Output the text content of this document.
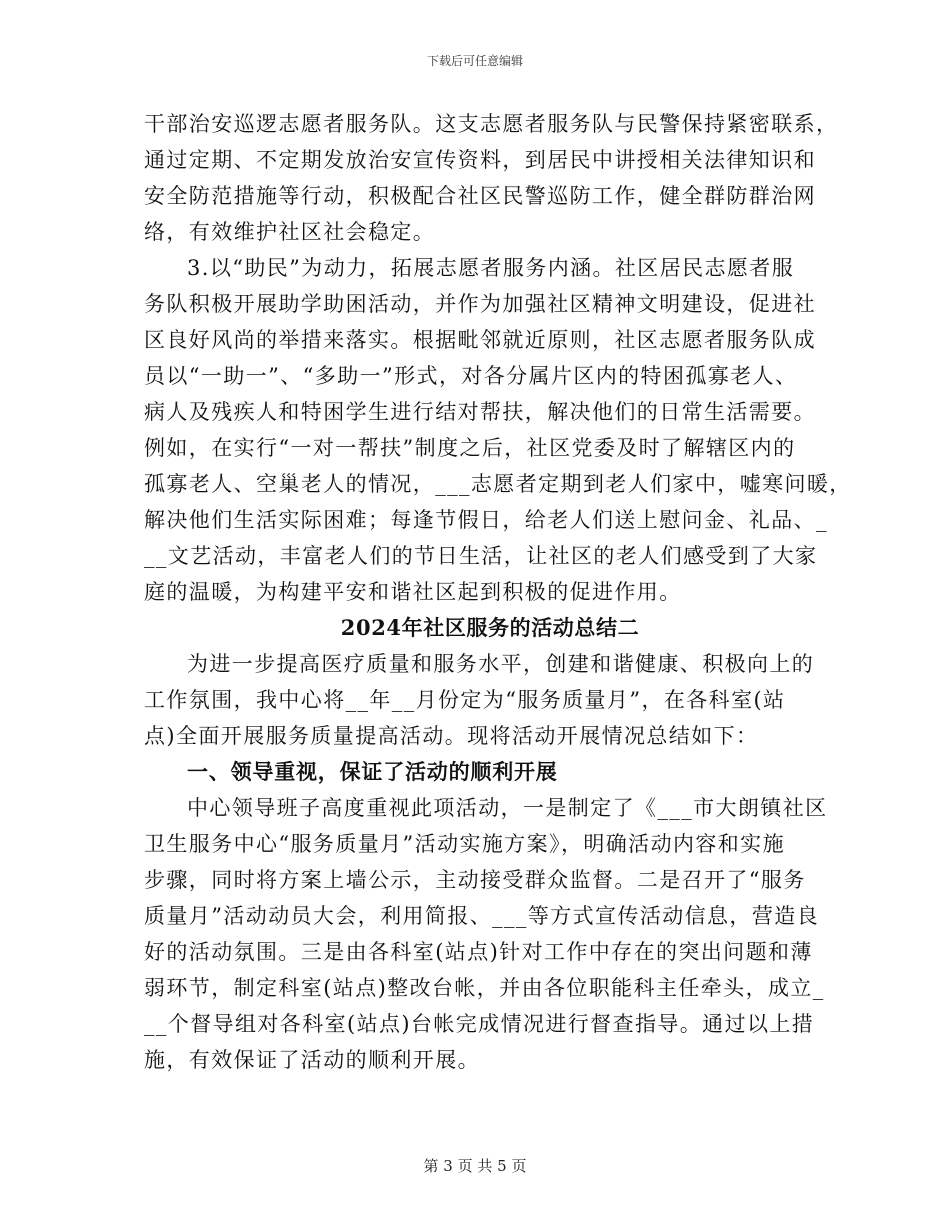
下载后可任意编辑
干部治安巡逻志愿者服务队。这支志愿者服务队与民警保持紧密联系，
通过定期、不定期发放治安宣传资料，到居民中讲授相关法律知识和
安全防范措施等行动，积极配合社区民警巡防工作，健全群防群治网
络，有效维护社区社会稳定。
3.以“助民”为动力，拓展志愿者服务内涵。社区居民志愿者服
务队积极开展助学助困活动，并作为加强社区精神文明建设，促进社
区良好风尚的举措来落实。根据毗邻就近原则，社区志愿者服务队成
员以“一助一”、“多助一”形式，对各分属片区内的特困孤寡老人、
病人及残疾人和特困学生进行结对帮扶，解决他们的日常生活需要。
例如，在实行“一对一帮扶”制度之后，社区党委及时了解辖区内的
孤寡老人、空巢老人的情况，___志愿者定期到老人们家中，嘘寒问暖，
解决他们生活实际困难；每逢节假日，给老人们送上慰问金、礼品、_
__文艺活动，丰富老人们的节日生活，让社区的老人们感受到了大家
庭的温暖，为构建平安和谐社区起到积极的促进作用。
2024年社区服务的活动总结二
为进一步提高医疗质量和服务水平，创建和谐健康、积极向上的
工作氛围，我中心将__年__月份定为“服务质量月”，在各科室(站
点)全面开展服务质量提高活动。现将活动开展情况总结如下：
一、领导重视，保证了活动的顺利开展
中心领导班子高度重视此项活动，一是制定了《___市大朗镇社区
卫生服务中心“服务质量月”活动实施方案》，明确活动内容和实施
步骤，同时将方案上墙公示，主动接受群众监督。二是召开了“服务
质量月”活动动员大会，利用简报、___等方式宣传活动信息，营造良
好的活动氛围。三是由各科室(站点)针对工作中存在的突出问题和薄
弱环节，制定科室(站点)整改台帐，并由各位职能科主任牵头，成立_
__个督导组对各科室(站点)台帐完成情况进行督查指导。通过以上措
施，有效保证了活动的顺利开展。
第 3 页 共 5 页
